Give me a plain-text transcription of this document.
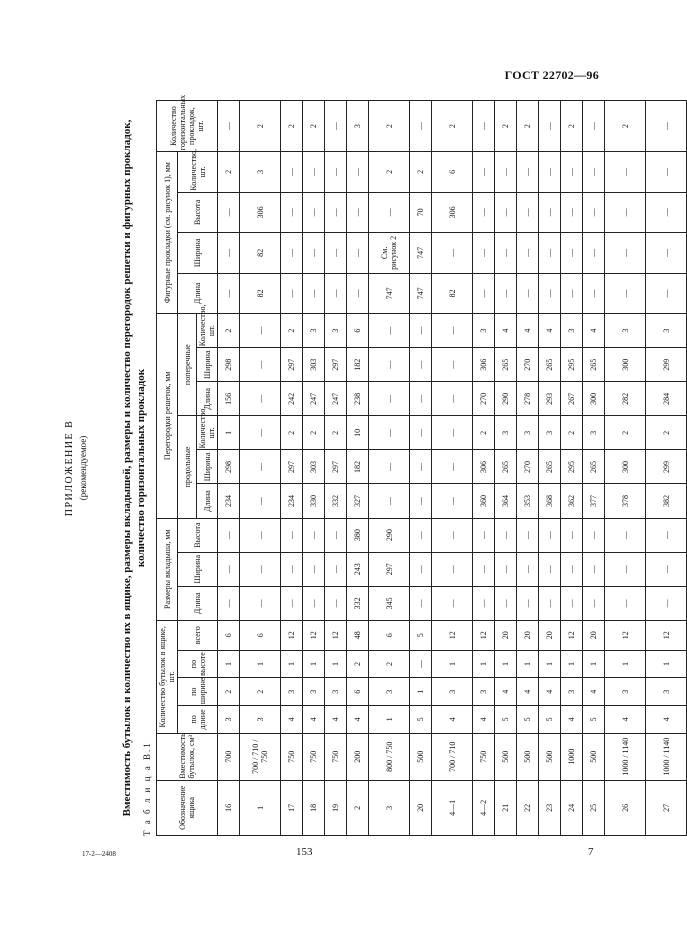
ГОСТ 22702—96
ПРИЛОЖЕНИЕ В (рекомендуемое)	Вместимость бутылок и количество их в ящике, размеры вкладышей, размеры и количество перегородок решетки и фигурных прокладок, количество горизонтальных прокладок
Т а б л и ц а В.1	Обозначение ящика	Вместимость бутылок, см³	Количество бутылок в ящике, шт.				Размеры вкладыша, мм			Перегородки решеток, мм						Фигурные прокладки (см. рисунок 1), мм				Количество горизонтальных прокладок, шт.
		по длине	по ширине	по высоте	всего	Длина	Ширина	Высота	продольные			поперечные			Длина	Ширина	Высота	Количество, шт.	
									Длина	Ширина	Количество, шт.	Длина	Ширина	Количество, шт.					
16	700	3	2	1	6	—	—	—	234	298	1	156	298	2	—	—	—	2	—
1	700 / 710 / 750	3	2	1	6	—	—	—	—	—	—	—	—	—	82	82	306	3	2
17	750	4	3	1	12	—	—	—	234	297	2	242	297	2	—	—	—	—	2
18	750	4	3	1	12	—	—	—	330	303	2	247	303	3	—	—	—	—	2
19	750	4	3	1	12	—	—	—	332	297	2	247	297	3	—	—	—	—	—
2	200	4	6	2	48	332	243	380	327	182	10	238	182	6	—	—	—	—	3
3	800 / 750	1	3	2	6	345	297	290	—	—	—	—	—	—	747	См. рисунок 2	—	2	2
20	500	5	1	—	5	—	—	—	—	—	—	—	—	—	747	747	70	2	—
4—1	700 / 710	4	3	1	12	—	—	—	—	—	—	—	—	—	82	—	306	6	2
4—2	750	4	3	1	12	—	—	—	360	306	2	270	306	3	—	—	—	—	—
21	500	5	4	1	20	—	—	—	364	265	3	290	265	4	—	—	—	—	2
22	500	5	4	1	20	—	—	—	353	270	3	278	270	4	—	—	—	—	2
23	500	5	4	1	20	—	—	—	368	265	3	293	265	4	—	—	—	—	—
24	1000	4	3	1	12	—	—	—	362	295	2	267	295	3	—	—	—	—	2
25	500	5	4	1	20	—	—	—	377	265	3	300	265	4	—	—	—	—	—
26	1000 / 1140	4	3	1	12	—	—	—	378	300	2	282	300	3	—	—	—	—	2
27	1000 / 1140	4	3	1	12	—	—	—	382	299	2	284	299	3	—	—	—	—	—
17-2—2408	153	7
